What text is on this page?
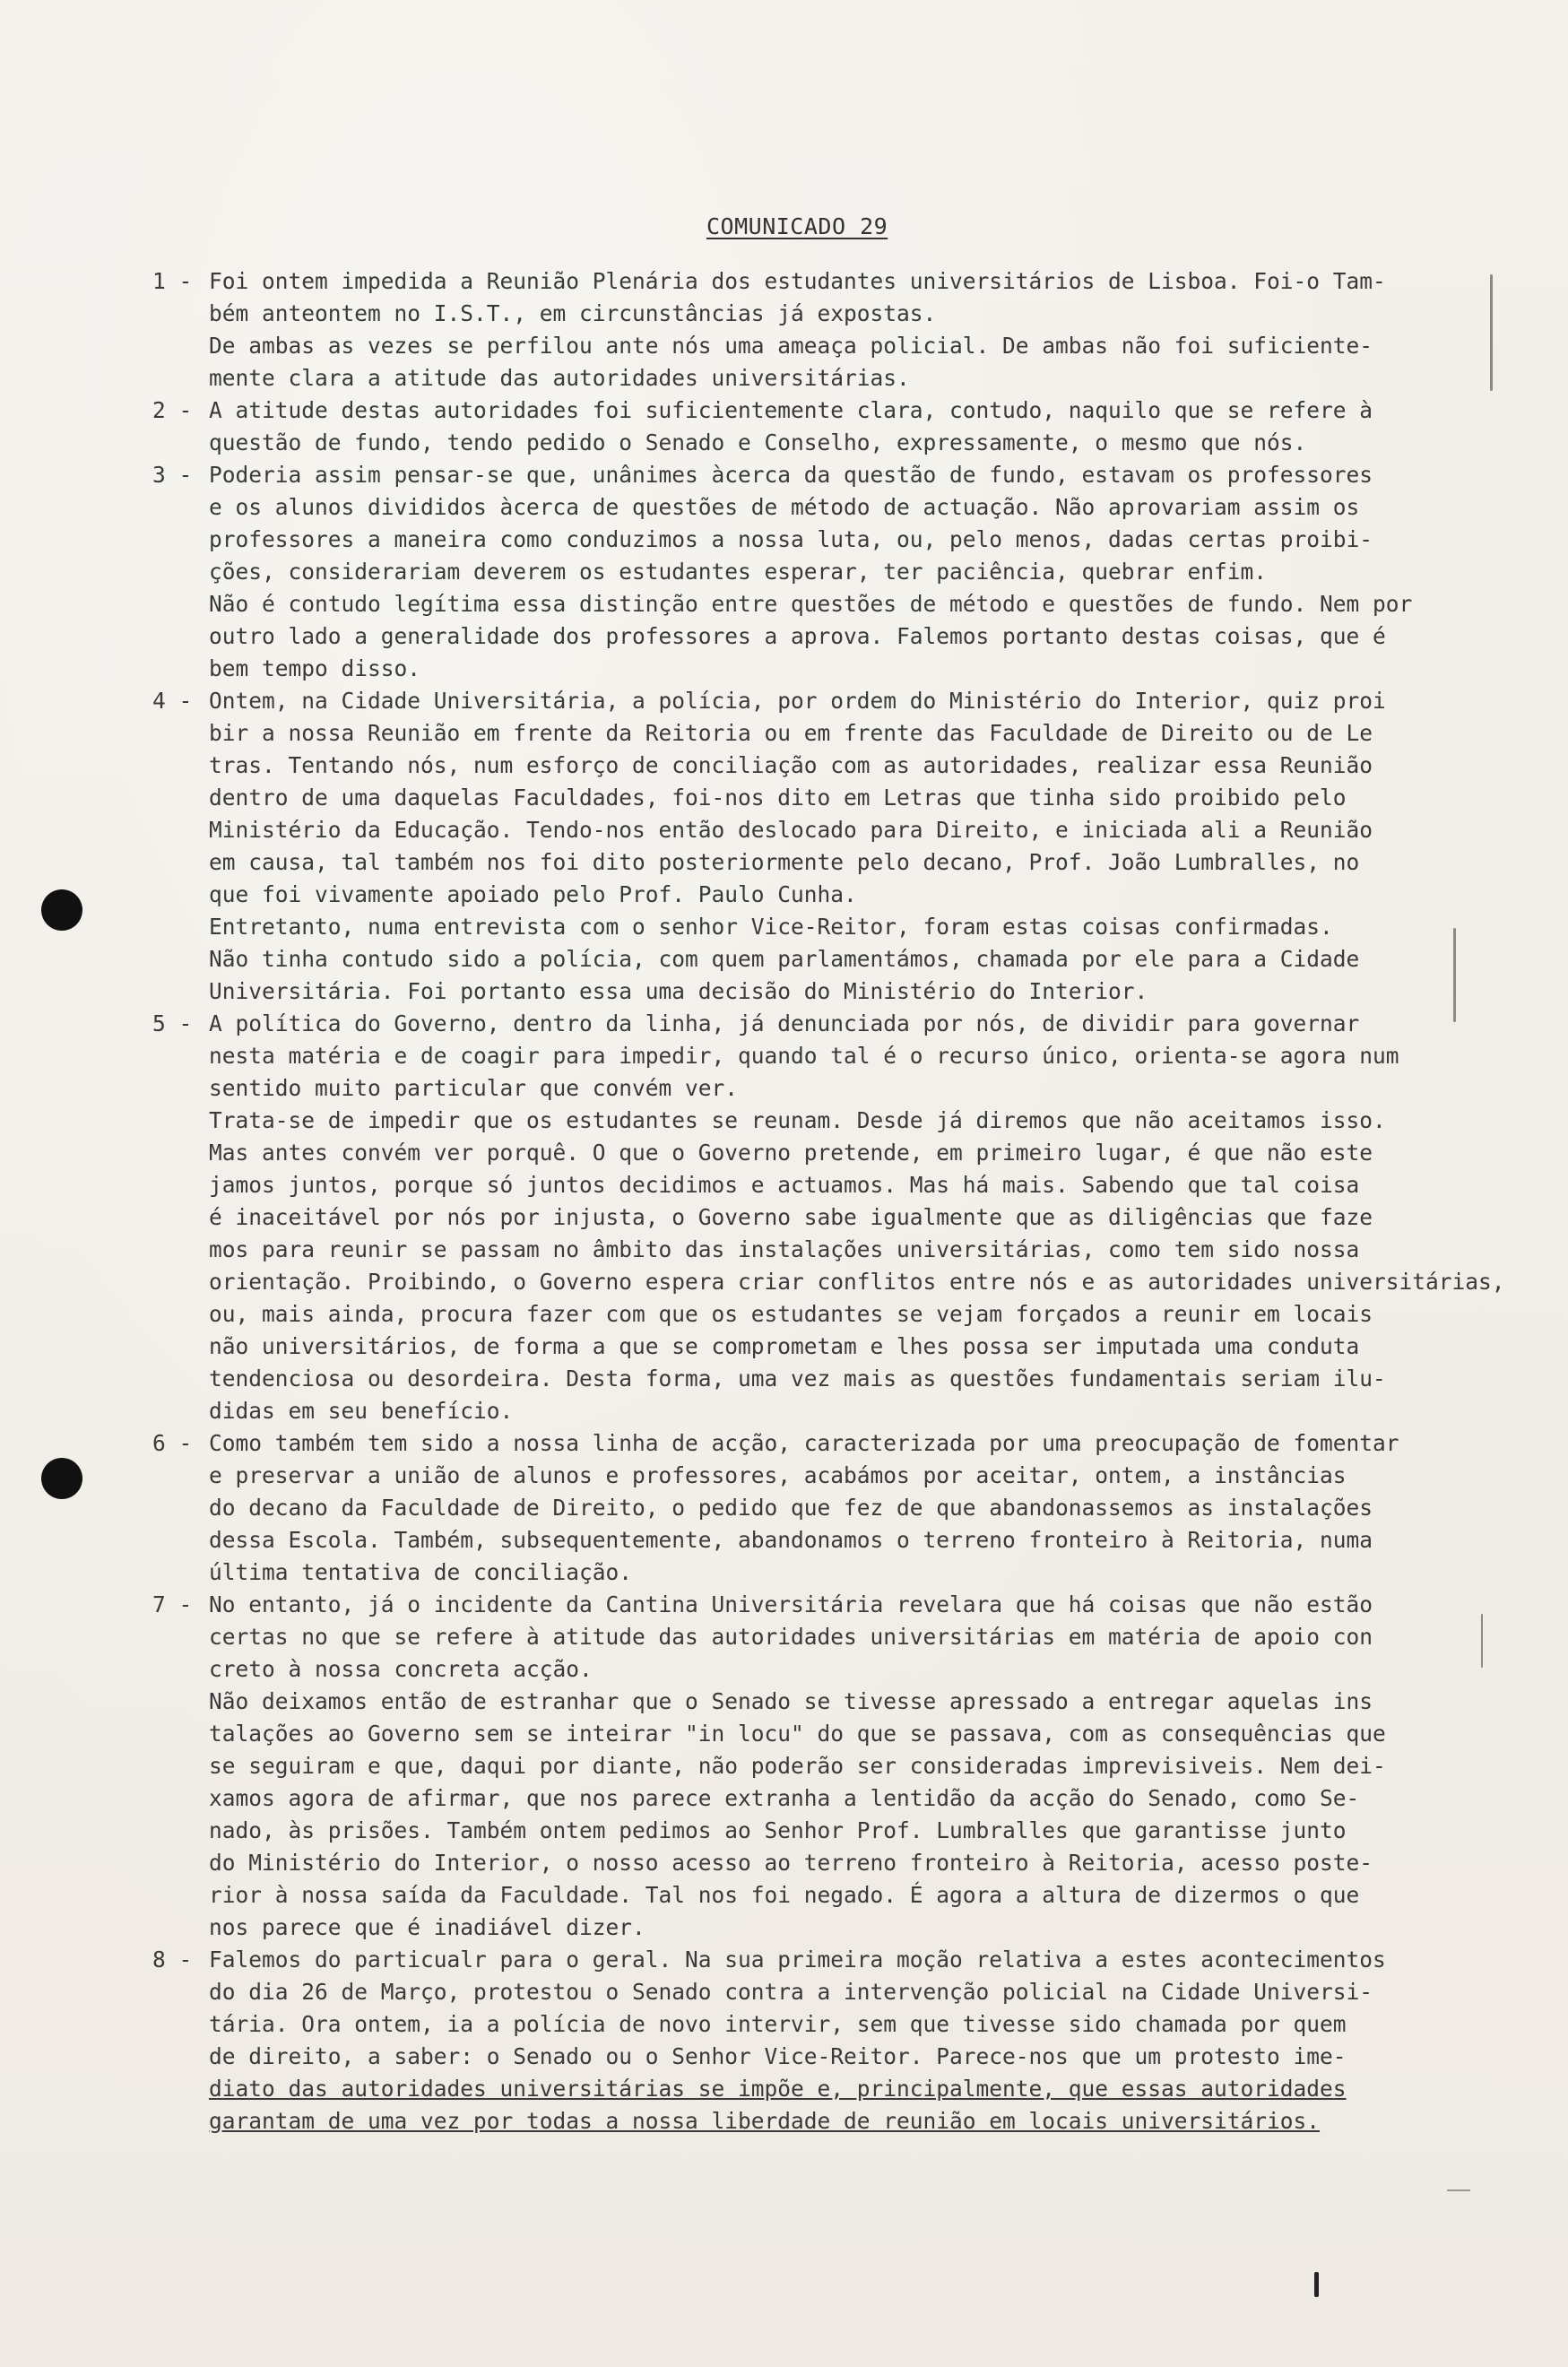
COMUNICADO 29
1 - Foi ontem impedida a Reunião Plenária dos estudantes universitários de Lisboa. Foi-o Tam-
bém anteontem no I.S.T., em circunstâncias já expostas.
De ambas as vezes se perfilou ante nós uma ameaça policial. De ambas não foi suficiente-
mente clara a atitude das autoridades universitárias.
2 - A atitude destas autoridades foi suficientemente clara, contudo, naquilo que se refere à
questão de fundo, tendo pedido o Senado e Conselho, expressamente, o mesmo que nós.
3 - Poderia assim pensar-se que, unânimes àcerca da questão de fundo, estavam os professores
e os alunos divididos àcerca de questões de método de actuação. Não aprovariam assim os
professores a maneira como conduzimos a nossa luta, ou, pelo menos, dadas certas proibi-
ções, considerariam deverem os estudantes esperar, ter paciência, quebrar enfim.
Não é contudo legítima essa distinção entre questões de método e questões de fundo. Nem por
outro lado a generalidade dos professores a aprova. Falemos portanto destas coisas, que é
bem tempo disso.
4 - Ontem, na Cidade Universitária, a polícia, por ordem do Ministério do Interior, quiz proi
bir a nossa Reunião em frente da Reitoria ou em frente das Faculdade de Direito ou de Le
tras. Tentando nós, num esforço de conciliação com as autoridades, realizar essa Reunião
dentro de uma daquelas Faculdades, foi-nos dito em Letras que tinha sido proibido pelo
Ministério da Educação. Tendo-nos então deslocado para Direito, e iniciada ali a Reunião
em causa, tal também nos foi dito posteriormente pelo decano, Prof. João Lumbralles, no
que foi vivamente apoiado pelo Prof. Paulo Cunha.
Entretanto, numa entrevista com o senhor Vice-Reitor, foram estas coisas confirmadas.
Não tinha contudo sido a polícia, com quem parlamentámos, chamada por ele para a Cidade
Universitária. Foi portanto essa uma decisão do Ministério do Interior.
5 - A política do Governo, dentro da linha, já denunciada por nós, de dividir para governar
nesta matéria e de coagir para impedir, quando tal é o recurso único, orienta-se agora num
sentido muito particular que convém ver.
Trata-se de impedir que os estudantes se reunam. Desde já diremos que não aceitamos isso.
Mas antes convém ver porquê. O que o Governo pretende, em primeiro lugar, é que não este
jamos juntos, porque só juntos decidimos e actuamos. Mas há mais. Sabendo que tal coisa
é inaceitável por nós por injusta, o Governo sabe igualmente que as diligências que faze
mos para reunir se passam no âmbito das instalações universitárias, como tem sido nossa
orientação. Proibindo, o Governo espera criar conflitos entre nós e as autoridades universitárias,
ou, mais ainda, procura fazer com que os estudantes se vejam forçados a reunir em locais
não universitários, de forma a que se comprometam e lhes possa ser imputada uma conduta
tendenciosa ou desordeira. Desta forma, uma vez mais as questões fundamentais seriam ilu-
didas em seu benefício.
6 - Como também tem sido a nossa linha de acção, caracterizada por uma preocupação de fomentar
e preservar a união de alunos e professores, acabámos por aceitar, ontem, a instâncias
do decano da Faculdade de Direito, o pedido que fez de que abandonassemos as instalações
dessa Escola. Também, subsequentemente, abandonamos o terreno fronteiro à Reitoria, numa
última tentativa de conciliação.
7 - No entanto, já o incidente da Cantina Universitária revelara que há coisas que não estão
certas no que se refere à atitude das autoridades universitárias em matéria de apoio con
creto à nossa concreta acção.
Não deixamos então de estranhar que o Senado se tivesse apressado a entregar aquelas ins
talações ao Governo sem se inteirar "in locu" do que se passava, com as consequências que
se seguiram e que, daqui por diante, não poderão ser consideradas imprevisiveis. Nem dei-
xamos agora de afirmar, que nos parece extranha a lentidão da acção do Senado, como Se-
nado, às prisões. Também ontem pedimos ao Senhor Prof. Lumbralles que garantisse junto
do Ministério do Interior, o nosso acesso ao terreno fronteiro à Reitoria, acesso poste-
rior à nossa saída da Faculdade. Tal nos foi negado. É agora a altura de dizermos o que
nos parece que é inadiável dizer.
8 - Falemos do particualr para o geral. Na sua primeira moção relativa a estes acontecimentos
do dia 26 de Março, protestou o Senado contra a intervenção policial na Cidade Universi-
tária. Ora ontem, ia a polícia de novo intervir, sem que tivesse sido chamada por quem
de direito, a saber: o Senado ou o Senhor Vice-Reitor. Parece-nos que um protesto ime-
diato das autoridades universitárias se impõe e, principalmente, que essas autoridades
garantam de uma vez por todas a nossa liberdade de reunião em locais universitários.
